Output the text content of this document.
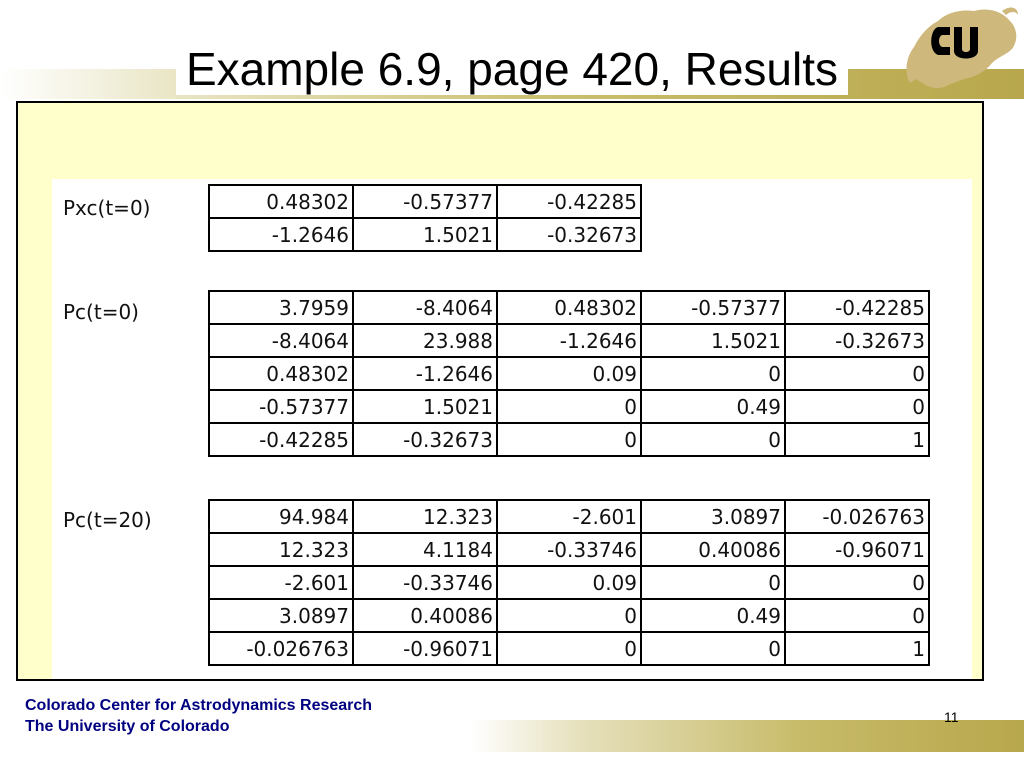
Example 6.9, page 420, Results
Pxc(t=0)	0.48302	-0.57377	-0.42285
-1.2646	1.5021	-0.32673
Pc(t=0)	3.7959	-8.4064	0.48302	-0.57377	-0.42285
-8.4064	23.988	-1.2646	1.5021	-0.32673
0.48302	-1.2646	0.09	0	0
-0.57377	1.5021	0	0.49	0
-0.42285	-0.32673	0	0	1
Pc(t=20)	94.984	12.323	-2.601	3.0897	-0.026763
12.323	4.1184	-0.33746	0.40086	-0.96071
-2.601	-0.33746	0.09	0	0
3.0897	0.40086	0	0.49	0
-0.026763	-0.96071	0	0	1
Colorado Center for Astrodynamics Research
The University of Colorado
11
